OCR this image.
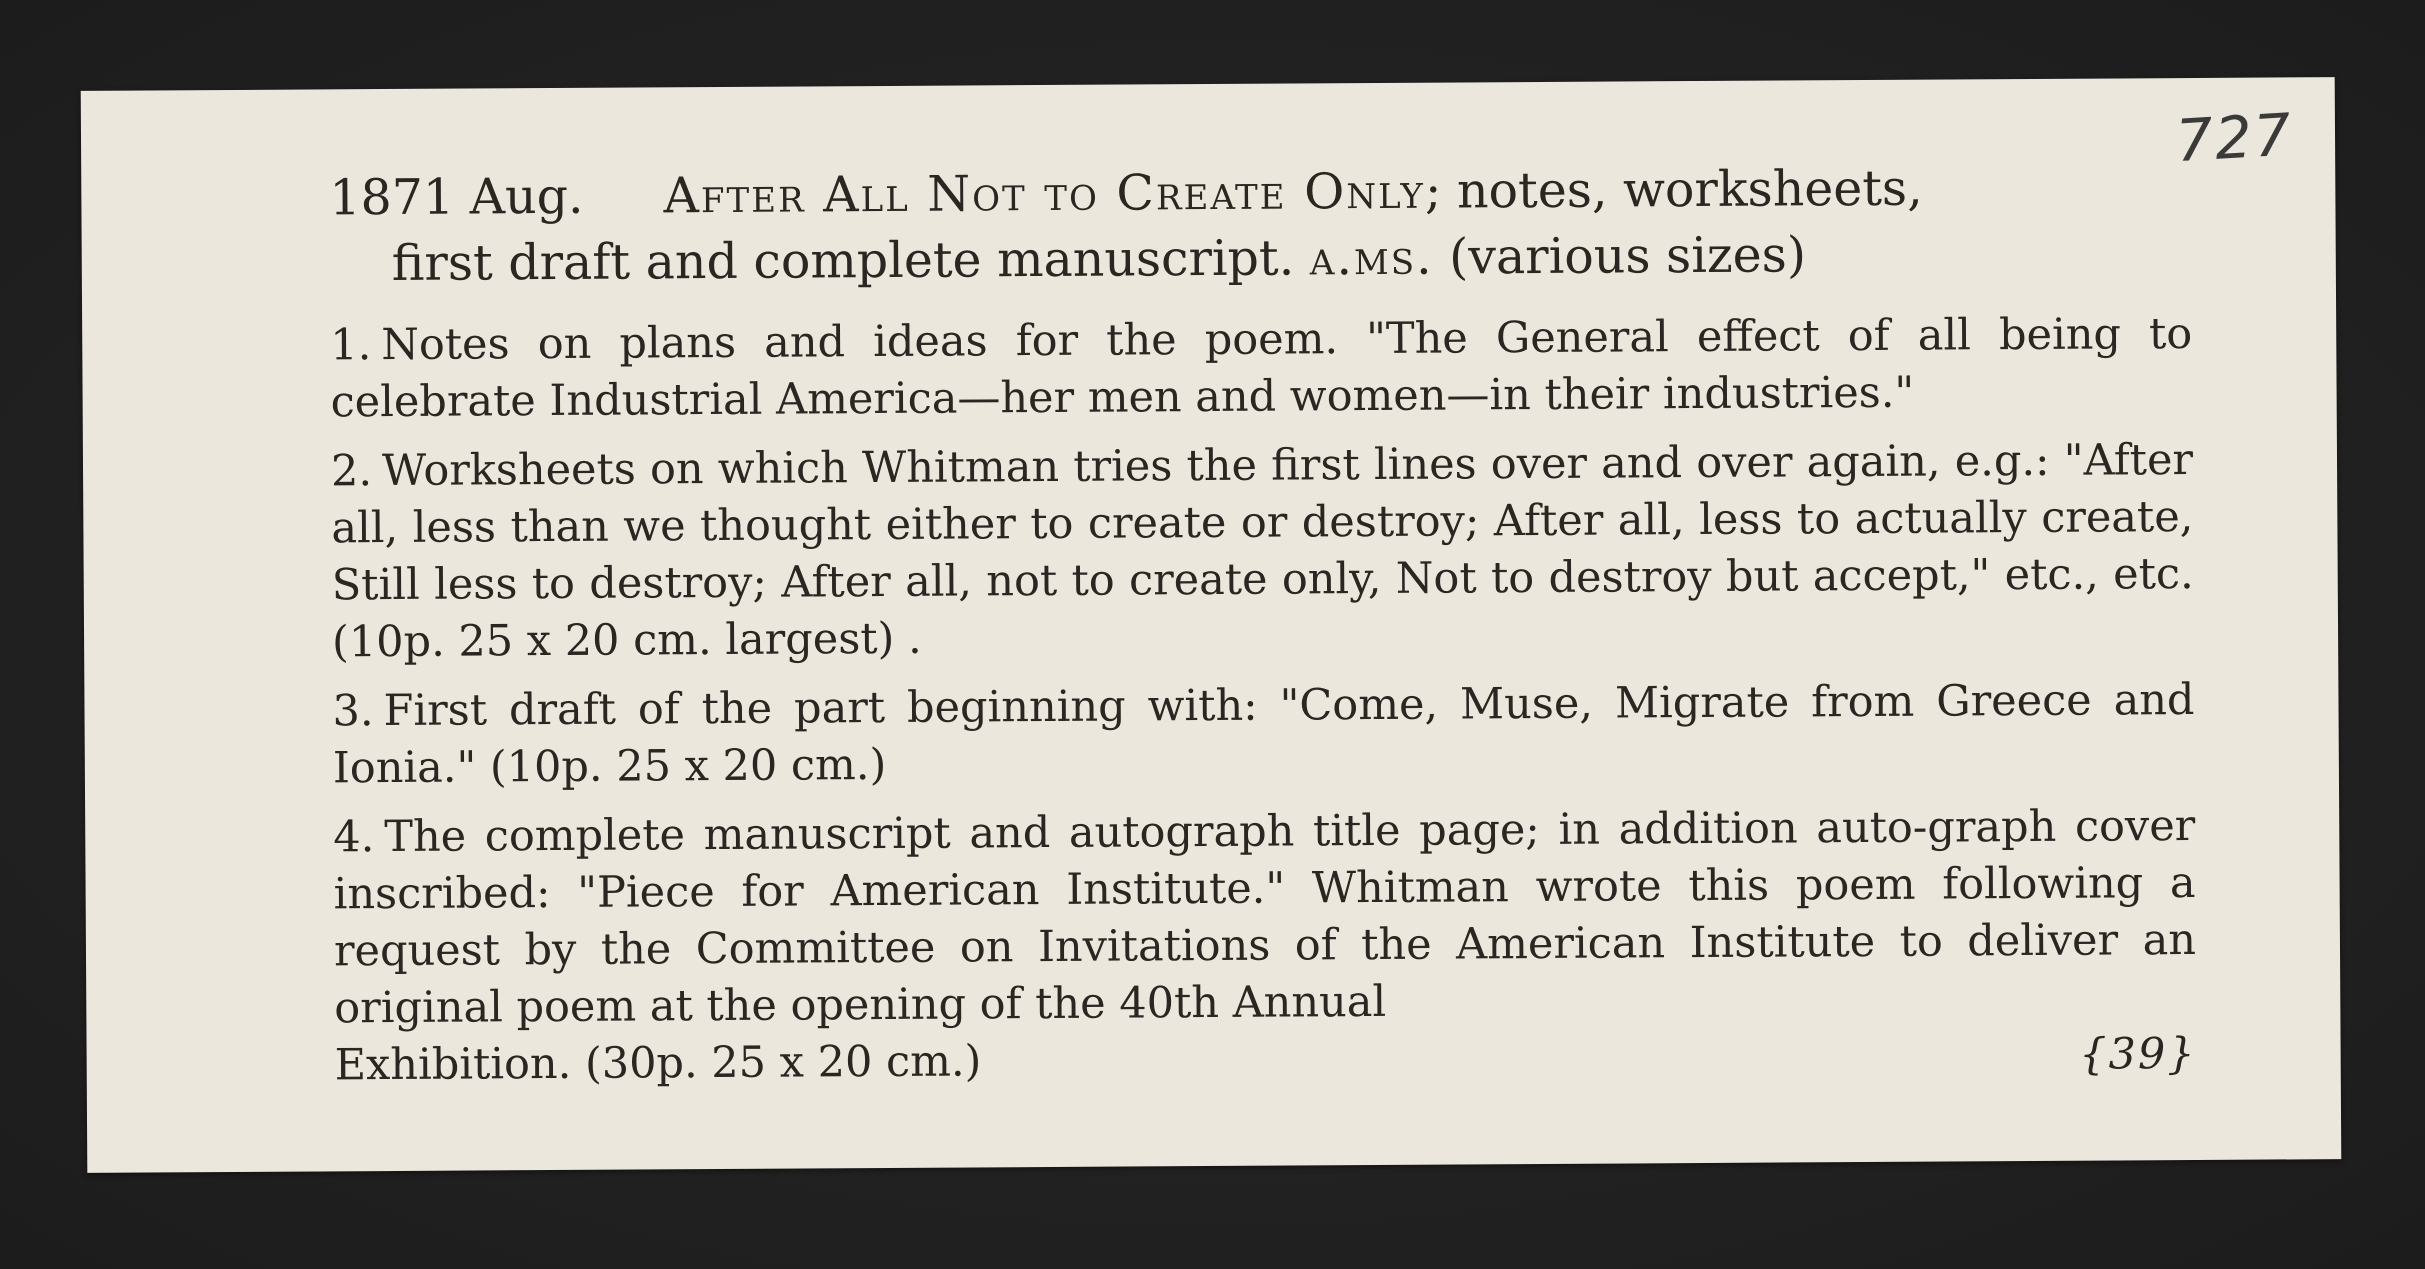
727
1871 Aug. After All Not to Create Only; notes, worksheets,
first draft and complete manuscript. a.ms. (various sizes)

1. Notes on plans and ideas for the poem. "The General effect of all being to celebrate Industrial America—her men and women—in their industries."

2. Worksheets on which Whitman tries the first lines over and over again, e.g.: "After all, less than we thought either to create or destroy; After all, less to actually create, Still less to destroy; After all, not to create only, Not to destroy but accept," etc., etc. (10p. 25 x 20 cm. largest) .

3. First draft of the part beginning with: "Come, Muse, Migrate from Greece and Ionia." (10p. 25 x 20 cm.)

4. The complete manuscript and autograph title page; in addition auto-graph cover inscribed: "Piece for American Institute." Whitman wrote this poem following a request by the Committee on Invitations of the American Institute to deliver an original poem at the opening of the 40th Annual
Exhibition. (30p. 25 x 20 cm.)	{39}
